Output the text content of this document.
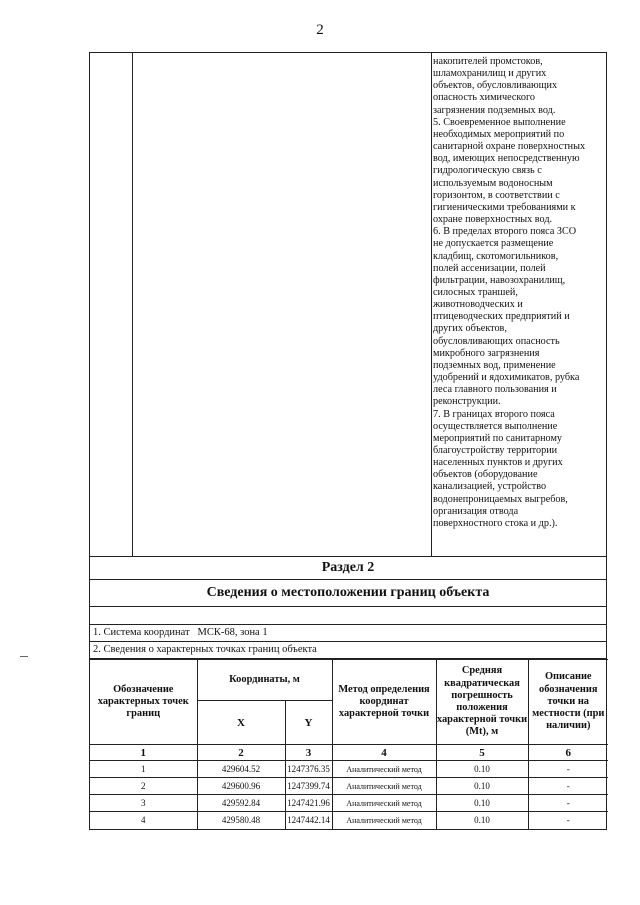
2
накопителей промстоков,
шламохранилищ и других
объектов, обусловливающих
опасность химического
загрязнения подземных вод.
5. Своевременное выполнение
необходимых мероприятий по
санитарной охране поверхностных
вод, имеющих непосредственную
гидрологическую связь с
используемым водоносным
горизонтом, в соответствии с
гигиеническими требованиями к
охране поверхностных вод.
6. В пределах второго пояса ЗСО
не допускается размещение
кладбищ, скотомогильников,
полей ассенизации, полей
фильтрации, навозохранилищ,
силосных траншей,
животноводческих и
птицеводческих предприятий и
других объектов,
обусловливающих опасность
микробного загрязнения
подземных вод, применение
удобрений и ядохимикатов, рубка
леса главного пользования и
реконструкции.
7. В границах второго пояса
осуществляется выполнение
мероприятий по санитарному
благоустройству территории
населенных пунктов и других
объектов (оборудование
канализацией, устройство
водонепроницаемых выгребов,
организация отвода
поверхностного стока и др.).
Раздел 2
Сведения о местоположении границ объекта
1. Система координат МСК-68, зона 1
2. Сведения о характерных точках границ объекта
Обозначение характерных точек границ	Координаты, м		Метод определения координат характерной точки	Средняя квадратическая погрешность положения характерной точки (Mt), м	Описание обозначения точки на местности (при наличии)
	X	Y			
1	2	3	4	5	6
1	429604.52	1247376.35	Аналитический метод	0.10	-
2	429600.96	1247399.74	Аналитический метод	0.10	-
3	429592.84	1247421.96	Аналитический метод	0.10	-
4	429580.48	1247442.14	Аналитический метод	0.10	-
